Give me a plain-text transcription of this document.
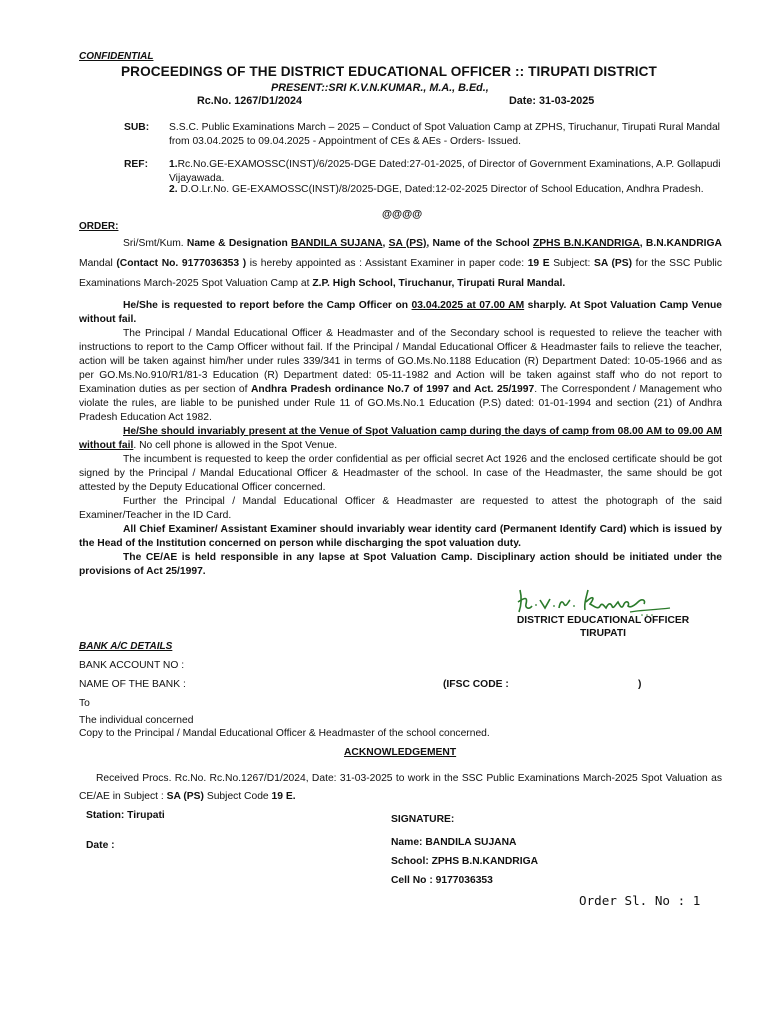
CONFIDENTIAL
PROCEEDINGS OF THE DISTRICT EDUCATIONAL OFFICER :: TIRUPATI DISTRICT
PRESENT::SRI K.V.N.KUMAR., M.A., B.Ed.,
Rc.No. 1267/D1/2024	Date: 31-03-2025
SUB: S.S.C. Public Examinations March – 2025 – Conduct of Spot Valuation Camp at ZPHS, Tiruchanur, Tirupati Rural Mandal from 03.04.2025 to 09.04.2025 - Appointment of CEs & AEs - Orders- Issued.
REF: 1.Rc.No.GE-EXAMOSSC(INST)/6/2025-DGE Dated:27-01-2025, of Director of Government Examinations, A.P. Gollapudi Vijayawada.
2. D.O.Lr.No. GE-EXAMOSSC(INST)/8/2025-DGE, Dated:12-02-2025 Director of School Education, Andhra Pradesh.
@@@@
ORDER:

Sri/Smt/Kum. Name & Designation BANDILA SUJANA, SA (PS), Name of the School ZPHS B.N.KANDRIGA, B.N.KANDRIGA Mandal (Contact No. 9177036353 ) is hereby appointed as : Assistant Examiner in paper code: 19 E Subject: SA (PS) for the SSC Public Examinations March-2025 Spot Valuation Camp at Z.P. High School, Tiruchanur, Tirupati Rural Mandal.

He/She is requested to report before the Camp Officer on 03.04.2025 at 07.00 AM sharply. At Spot Valuation Camp Venue without fail.

The Principal / Mandal Educational Officer & Headmaster and of the Secondary school is requested to relieve the teacher with instructions to report to the Camp Officer without fail. If the Principal / Mandal Educational Officer & Headmaster fails to relieve the teacher, action will be taken against him/her under rules 339/341 in terms of GO.Ms.No.1188 Education (R) Department Dated: 10-05-1966 and as per GO.Ms.No.910/R1/81-3 Education (R) Department dated: 05-11-1982 and Action will be taken against staff who do not report to Examination duties as per section of Andhra Pradesh ordinance No.7 of 1997 and Act. 25/1997. The Correspondent / Management who violate the rules, are liable to be punished under Rule 11 of GO.Ms.No.1 Education (P.S) dated: 01-01-1994 and section (21) of Andhra Pradesh Education Act 1982.

He/She should invariably present at the Venue of Spot Valuation camp during the days of camp from 08.00 AM to 09.00 AM without fail. No cell phone is allowed in the Spot Venue.

The incumbent is requested to keep the order confidential as per official secret Act 1926 and the enclosed certificate should be got signed by the Principal / Mandal Educational Officer & Headmaster of the school. In case of the Headmaster, the same should be got attested by the Deputy Educational Officer concerned.

Further the Principal / Mandal Educational Officer & Headmaster are requested to attest the photograph of the said Examiner/Teacher in the ID Card.

All Chief Examiner/ Assistant Examiner should invariably wear identity card (Permanent Identify Card) which is issued by the Head of the Institution concerned on person while discharging the spot valuation duty.

The CE/AE is held responsible in any lapse at Spot Valuation Camp. Disciplinary action should be initiated under the provisions of Act 25/1997.

DISTRICT EDUCATIONAL OFFICER
TIRUPATI
BANK A/C DETAILS
BANK ACCOUNT NO :
NAME OF THE BANK :	(IFSC CODE :	)
To
The individual concerned
Copy to the Principal / Mandal Educational Officer & Headmaster of the school concerned.
ACKNOWLEDGEMENT

Received Procs. Rc.No. Rc.No.1267/D1/2024, Date: 31-03-2025 to work in the SSC Public Examinations March-2025 Spot Valuation as CE/AE in Subject : SA (PS) Subject Code 19 E.

Station: Tirupati
Date :
SIGNATURE:
Name: BANDILA SUJANA
School: ZPHS B.N.KANDRIGA
Cell No : 9177036353
Order Sl. No : 1
